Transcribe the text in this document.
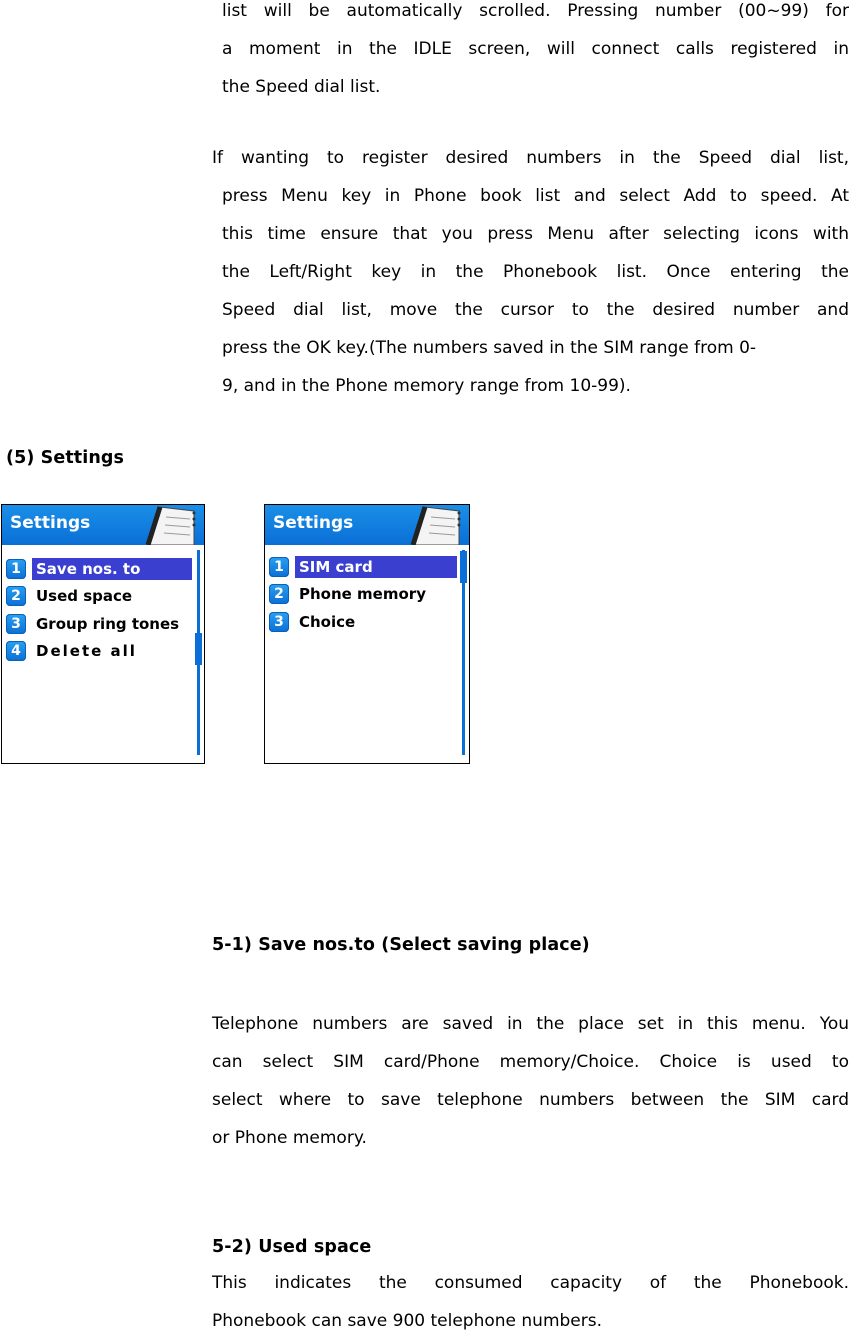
list will be automatically scrolled. Pressing number (00~99) for
a moment in the IDLE screen, will connect calls registered in
the Speed dial list.
If wanting to register desired numbers in the Speed dial list,
press Menu key in Phone book list and select Add to speed. At
this time ensure that you press Menu after selecting icons with
the Left/Right key in the Phonebook list. Once entering the
Speed dial list, move the cursor to the desired number and
press the OK key.(The numbers saved in the SIM range from 0-
9, and in the Phone memory range from 10-99).
(5) Settings
Settings
1	Save nos. to
2	Used space
3	Group ring tones
4	Delete all
Settings
1	SIM card
2	Phone memory
3	Choice
5-1) Save nos.to (Select saving place)
Telephone numbers are saved in the place set in this menu. You
can select SIM card/Phone memory/Choice. Choice is used to
select where to save telephone numbers between the SIM card
or Phone memory.
5-2) Used space
This indicates the consumed capacity of the Phonebook.
Phonebook can save 900 telephone numbers.
